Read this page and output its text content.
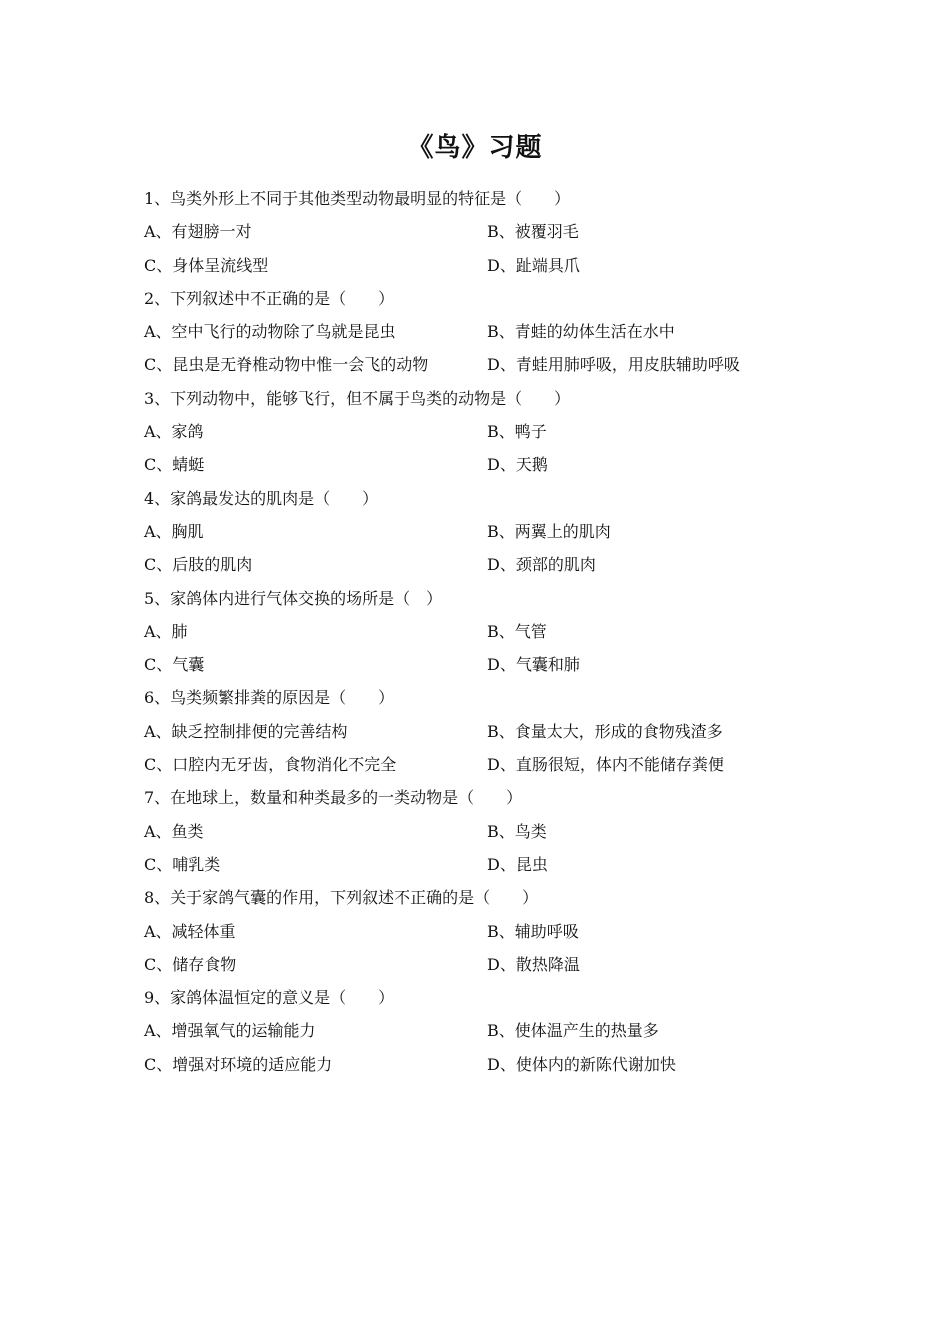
《鸟》习题
1、鸟类外形上不同于其他类型动物最明显的特征是（　　）
A、有翅膀一对	B、被覆羽毛
C、身体呈流线型	D、趾端具爪
2、下列叙述中不正确的是（　　）
A、空中飞行的动物除了鸟就是昆虫	B、青蛙的幼体生活在水中
C、昆虫是无脊椎动物中惟一会飞的动物	D、青蛙用肺呼吸，用皮肤辅助呼吸
3、下列动物中，能够飞行，但不属于鸟类的动物是（　　）
A、家鸽	B、鸭子
C、蜻蜓	D、天鹅
4、家鸽最发达的肌肉是（　　）
A、胸肌	B、两翼上的肌肉
C、后肢的肌肉	D、颈部的肌肉
5、家鸽体内进行气体交换的场所是（　）
A、肺	B、气管
C、气囊	D、气囊和肺
6、鸟类频繁排粪的原因是（　　）
A、缺乏控制排便的完善结构	B、食量太大，形成的食物残渣多
C、口腔内无牙齿，食物消化不完全	D、直肠很短，体内不能储存粪便
7、在地球上，数量和种类最多的一类动物是（　　）
A、鱼类	B、鸟类
C、哺乳类	D、昆虫
8、关于家鸽气囊的作用，下列叙述不正确的是（　　）
A、减轻体重	B、辅助呼吸
C、储存食物	D、散热降温
9、家鸽体温恒定的意义是（　　）
A、增强氧气的运输能力	B、使体温产生的热量多
C、增强对环境的适应能力	D、使体内的新陈代谢加快
